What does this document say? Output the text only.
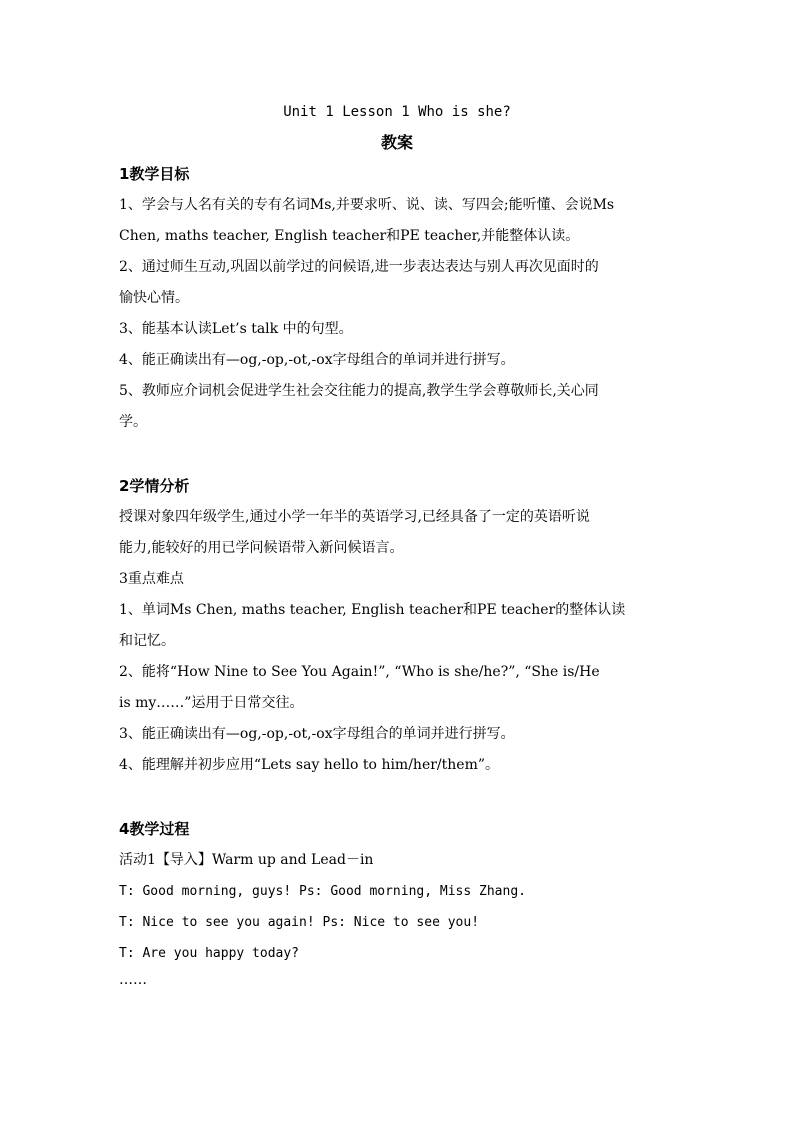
Unit 1 Lesson 1 Who is she?
教案
1教学目标
1、学会与人名有关的专有名词Ms,并要求听、说、读、写四会;能听懂、会说Ms
Chen, maths teacher, English teacher和PE teacher,并能整体认读。
2、通过师生互动,巩固以前学过的问候语,进一步表达表达与别人再次见面时的
愉快心情。
3、能基本认读Let’s talk 中的句型。
4、能正确读出有—og,-op,-ot,-ox字母组合的单词并进行拼写。
5、教师应介词机会促进学生社会交往能力的提高,教学生学会尊敬师长,关心同
学。
2学情分析
授课对象四年级学生,通过小学一年半的英语学习,已经具备了一定的英语听说
能力,能较好的用已学问候语带入新问候语言。
3重点难点
1、单词Ms Chen, maths teacher, English teacher和PE teacher的整体认读
和记忆。
2、能将“How Nine to See You Again!”, “Who is she/he?”, “She is/He
is my……”运用于日常交往。
3、能正确读出有—og,-op,-ot,-ox字母组合的单词并进行拼写。
4、能理解并初步应用“Lets say hello to him/her/them”。
4教学过程
活动1【导入】Warm up and Lead－in
T: Good morning, guys! Ps: Good morning, Miss Zhang.
T: Nice to see you again! Ps: Nice to see you!
T: Are you happy today?
……
